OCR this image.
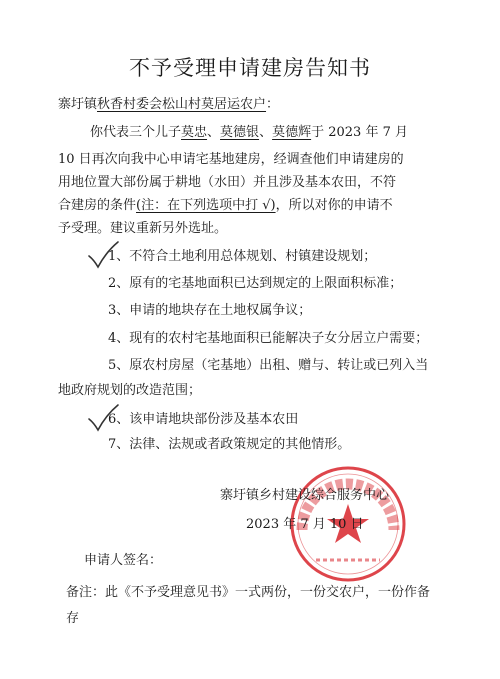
不予受理申请建房告知书
寨圩镇秋香村委会松山村莫居运农户：
你代表三个儿子莫忠、莫德银、莫德辉于 2023 年 7 月
10 日再次向我中心申请宅基地建房，经调查他们申请建房的
用地位置大部份属于耕地（水田）并且涉及基本农田，不符
合建房的条件(注：在下列选项中打 √)，所以对你的申请不
予受理。建议重新另外选址。
1、不符合土地利用总体规划、村镇建设规划；
2、原有的宅基地面积已达到规定的上限面积标准；
3、申请的地块存在土地权属争议；
4、现有的农村宅基地面积已能解决子女分居立户需要；
5、原农村房屋（宅基地）出租、赠与、转让或已列入当
地政府规划的改造范围；
6、该申请地块部份涉及基本农田
7、法律、法规或者政策规定的其他情形。
寨圩镇乡村建设综合服务中心
2023 年 7 月 10 日
申请人签名：
备注：此《不予受理意见书》一式两份，一份交农户，一份作备
存
